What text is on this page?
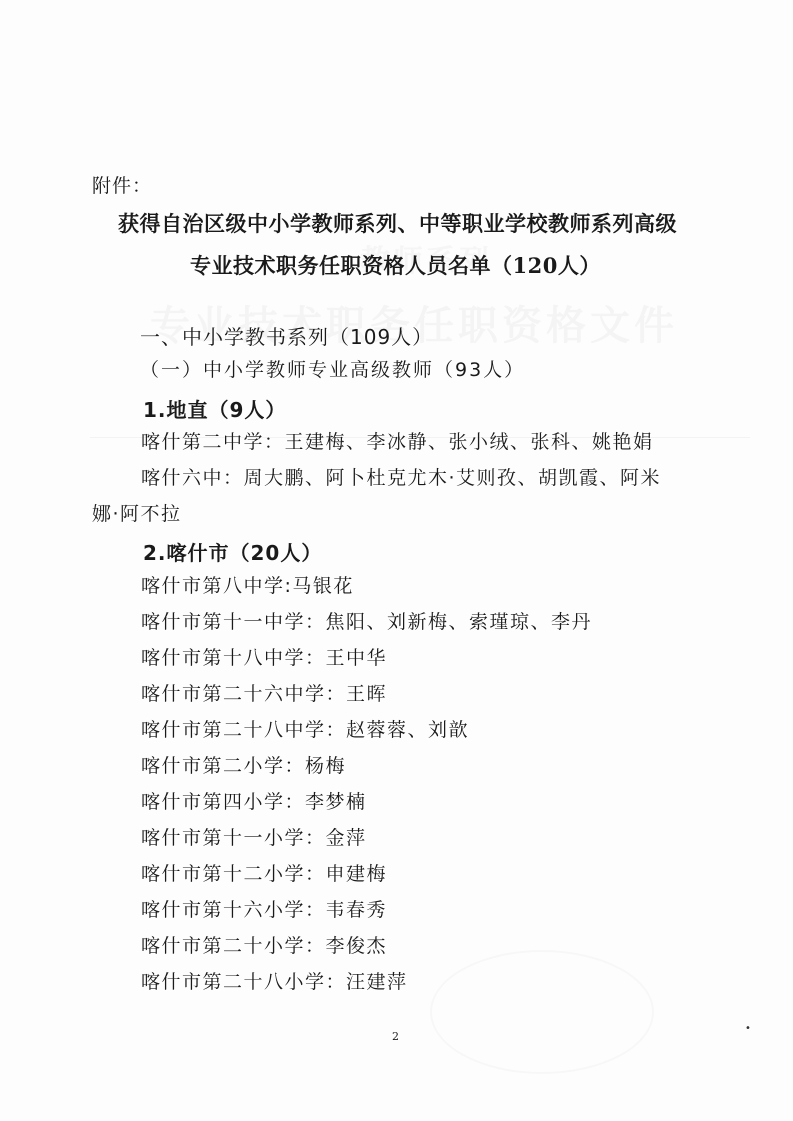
附件：
获得自治区级中小学教师系列、中等职业学校教师系列高级
专业技术职务任职资格人员名单（120人）
一、中小学教书系列（109人）
（一）中小学教师专业高级教师（93人）
1.地直（9人）
喀什第二中学：王建梅、李冰静、张小绒、张科、姚艳娟
喀什六中：周大鹏、阿卜杜克尤木·艾则孜、胡凯霞、阿米
娜·阿不拉
2.喀什市（20人）
喀什市第八中学:马银花
喀什市第十一中学：焦阳、刘新梅、索瑾琼、李丹
喀什市第十八中学：王中华
喀什市第二十六中学：王晖
喀什市第二十八中学：赵蓉蓉、刘歆
喀什市第二小学：杨梅
喀什市第四小学：李梦楠
喀什市第十一小学：金萍
喀什市第十二小学：申建梅
喀什市第十六小学：韦春秀
喀什市第二十小学：李俊杰
喀什市第二十八小学：汪建萍
2
•
